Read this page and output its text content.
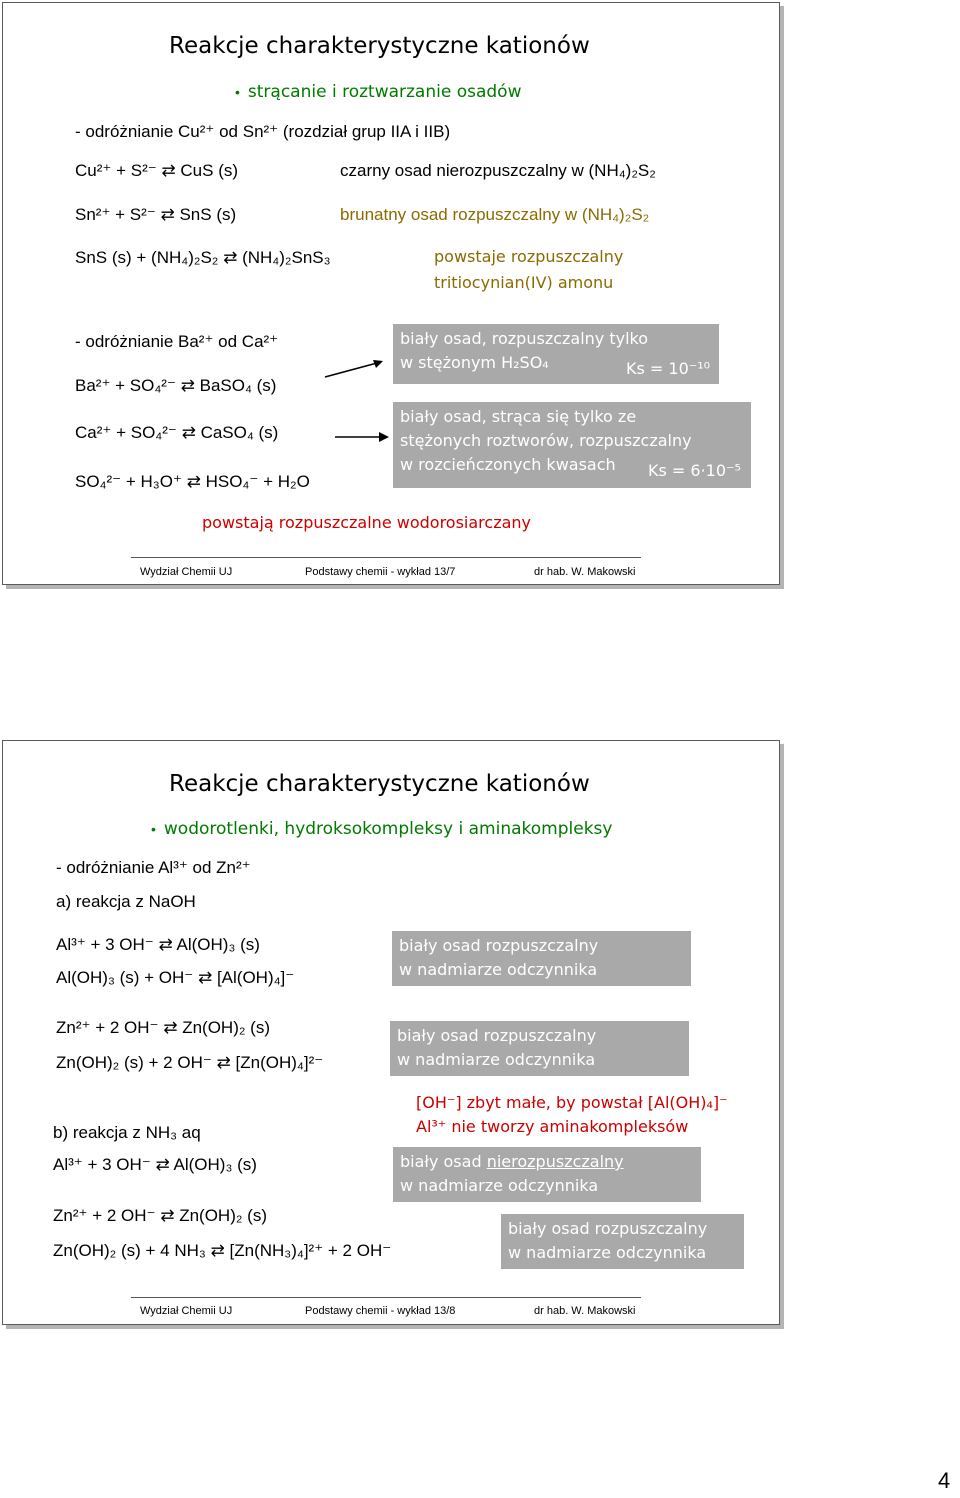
Reakcje charakterystyczne kationów
• strącanie i roztwarzanie osadów
- odróżnianie Cu²⁺ od Sn²⁺ (rozdział grup IIA i IIB)
Cu²⁺ + S²⁻ ⇄ CuS (s)	czarny osad nierozpuszczalny w (NH₄)₂S₂
Sn²⁺ + S²⁻ ⇄ SnS (s)	brunatny osad rozpuszczalny w (NH₄)₂S₂
SnS (s) + (NH₄)₂S₂ ⇄ (NH₄)₂SnS₃	powstaje rozpuszczalny
tritiocynian(IV) amonu
- odróżnianie Ba²⁺ od Ca²⁺
Ba²⁺ + SO₄²⁻ ⇄ BaSO₄ (s)
Ca²⁺ + SO₄²⁻ ⇄ CaSO₄ (s)
SO₄²⁻ + H₃O⁺ ⇄ HSO₄⁻ + H₂O
biały osad, rozpuszczalny tylko
w stężonym H₂SO₄	Ks = 10⁻¹⁰
biały osad, strąca się tylko ze
stężonych roztworów, rozpuszczalny
w rozcieńczonych kwasach	Ks = 6·10⁻⁵
powstają rozpuszczalne wodorosiarczany
Wydział Chemii UJ	Podstawy chemii - wykład 13/7	dr hab. W. Makowski
Reakcje charakterystyczne kationów
• wodorotlenki, hydroksokompleksy i aminakompleksy
- odróżnianie Al³⁺ od Zn²⁺
a) reakcja z NaOH
Al³⁺ + 3 OH⁻ ⇄ Al(OH)₃ (s)
Al(OH)₃ (s) + OH⁻ ⇄ [Al(OH)₄]⁻
biały osad rozpuszczalny
w nadmiarze odczynnika
Zn²⁺ + 2 OH⁻ ⇄ Zn(OH)₂ (s)
Zn(OH)₂ (s) + 2 OH⁻ ⇄ [Zn(OH)₄]²⁻
biały osad rozpuszczalny
w nadmiarze odczynnika
[OH⁻] zbyt małe, by powstał [Al(OH)₄]⁻
Al³⁺ nie tworzy aminakompleksów
b) reakcja z NH₃ aq
Al³⁺ + 3 OH⁻ ⇄ Al(OH)₃ (s)	biały osad nierozpuszczalny
w nadmiarze odczynnika
Zn²⁺ + 2 OH⁻ ⇄ Zn(OH)₂ (s)
Zn(OH)₂ (s) + 4 NH₃ ⇄ [Zn(NH₃)₄]²⁺ + 2 OH⁻
biały osad rozpuszczalny
w nadmiarze odczynnika
Wydział Chemii UJ	Podstawy chemii - wykład 13/8	dr hab. W. Makowski
4
